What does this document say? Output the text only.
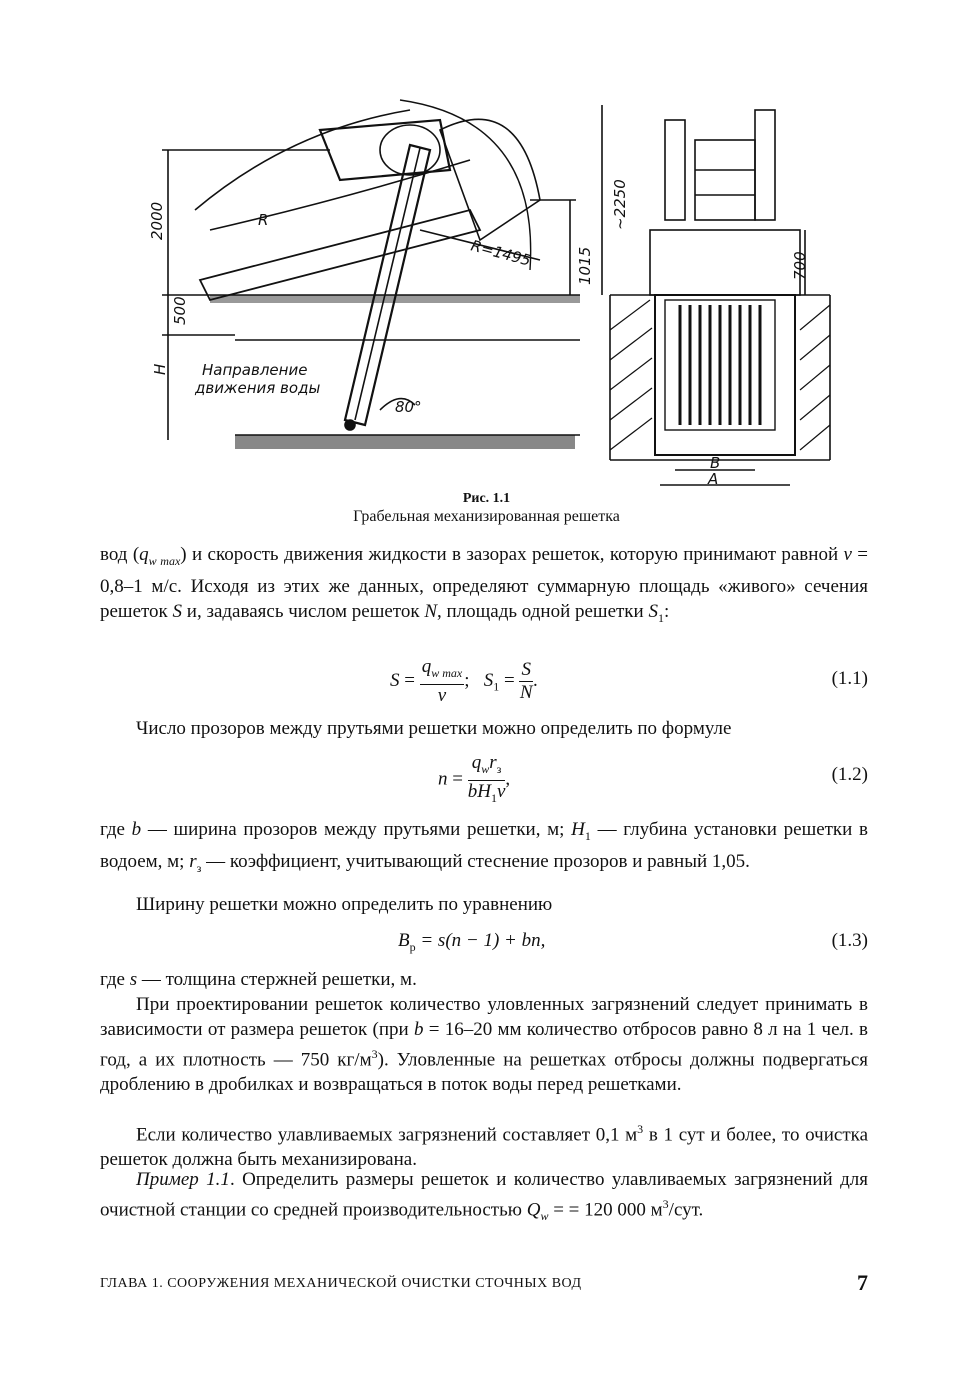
2000
500
H
R
R=1495	1015
80°
Направление
движения воды
~2250
700
B
A
Рис. 1.1
Грабельная механизированная решетка

вод $(q_{w max})$ и скорость движения жидкости в зазорах решеток, которую принимают равной v = 0,8–1 м/с. Исходя из этих же данных, определяют суммарную площадь «живого» сечения решеток S и, задаваясь числом решеток N, площадь одной решетки $S_1$:

$S = \frac{q_{w max}}{v}$ ; $S_1 = \frac{S}{N}$ .	(1.1)

Число прозоров между прутьями решетки можно определить по формуле

$n = \frac{q_wr_з}{bH_1v}$ ,	(1.2)

где b — ширина прозоров между прутьями решетки, м; $H_1$ — глубина установки решетки в водоем, м; $r_з$ — коэффициент, учитывающий стеснение прозоров и равный 1,05.

Ширину решетки можно определить по уравнению

$B_р = s(n - 1)$ + bn,	(1.3)

где s — толщина стержней решетки, м.

При проектировании решеток количество уловленных загрязнений следует принимать в зависимости от размера решеток (при b = 16–20 мм количество отбросов равно 8 л на 1 чел. в год, а их плотность — 750 $кг/м^3$). Уловленные на решетках отбросы должны подвергаться дроблению в дробилках и возвращаться в поток воды перед решетками.

Если количество улавливаемых загрязнений составляет 0,1 $м^3$ в 1 сут и более, то очистка решеток должна быть механизирована.

Пример 1.1. Определить размеры решеток и количество улавливаемых загрязнений для очистной станции со средней производительностью $Q_w$ = = 120 000 $м^3$/сут.

ГЛАВА 1. СООРУЖЕНИЯ МЕХАНИЧЕСКОЙ ОЧИСТКИ СТОЧНЫХ ВОД	7
